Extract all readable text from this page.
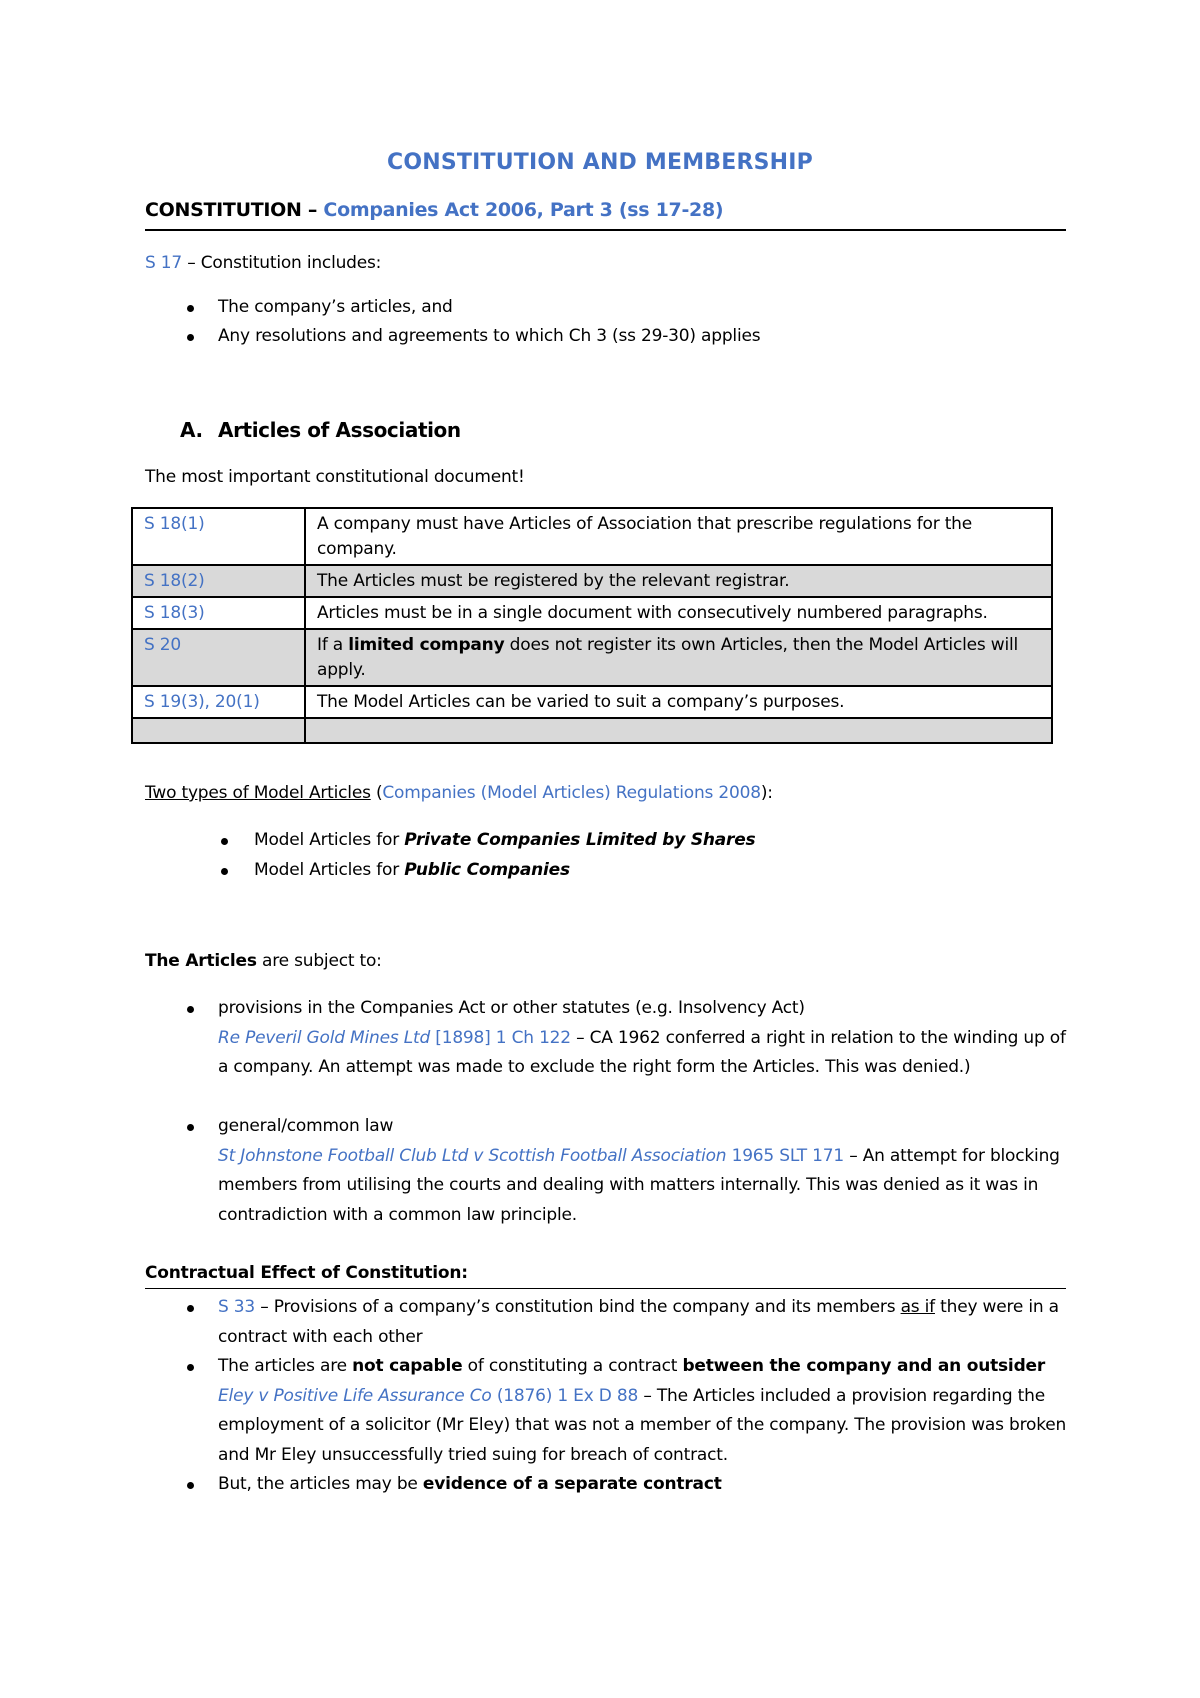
CONSTITUTION AND MEMBERSHIP
CONSTITUTION – Companies Act 2006, Part 3 (ss 17-28)
S 17 – Constitution includes:
The company’s articles, and
Any resolutions and agreements to which Ch 3 (ss 29-30) applies
A. Articles of Association
The most important constitutional document!
S 18(1)	A company must have Articles of Association that prescribe regulations for the company.
S 18(2)	The Articles must be registered by the relevant registrar.
S 18(3)	Articles must be in a single document with consecutively numbered paragraphs.
S 20	If a limited company does not register its own Articles, then the Model Articles will apply.
S 19(3), 20(1)	The Model Articles can be varied to suit a company’s purposes.

Two types of Model Articles (Companies (Model Articles) Regulations 2008):
Model Articles for Private Companies Limited by Shares
Model Articles for Public Companies
The Articles are subject to:
provisions in the Companies Act or other statutes (e.g. Insolvency Act)
Re Peveril Gold Mines Ltd [1898] 1 Ch 122 – CA 1962 conferred a right in relation to the winding up of a company. An attempt was made to exclude the right form the Articles. This was denied.)
general/common law
St Johnstone Football Club Ltd v Scottish Football Association 1965 SLT 171 – An attempt for blocking members from utilising the courts and dealing with matters internally. This was denied as it was in contradiction with a common law principle.
Contractual Effect of Constitution:
S 33 – Provisions of a company’s constitution bind the company and its members as if they were in a contract with each other
The articles are not capable of constituting a contract between the company and an outsider
Eley v Positive Life Assurance Co (1876) 1 Ex D 88 – The Articles included a provision regarding the employment of a solicitor (Mr Eley) that was not a member of the company. The provision was broken and Mr Eley unsuccessfully tried suing for breach of contract.
But, the articles may be evidence of a separate contract
